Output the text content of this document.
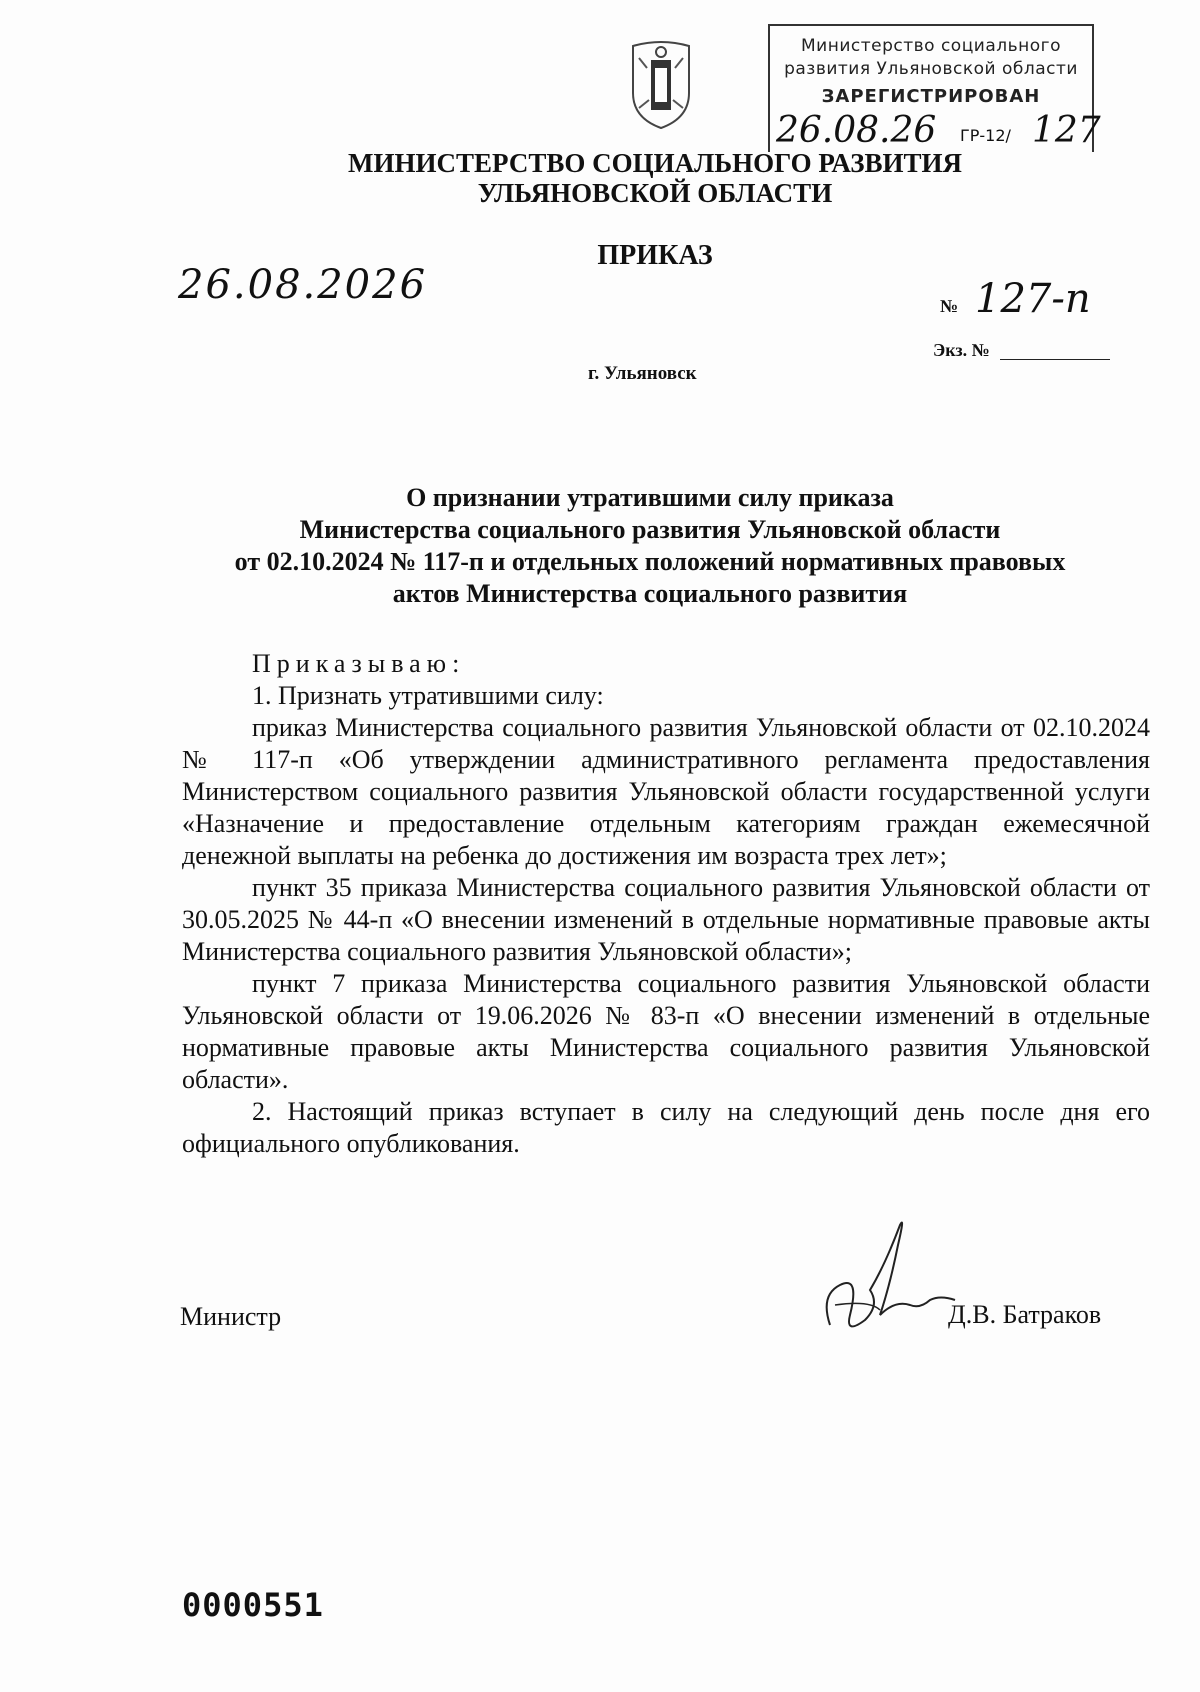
Министерство социального
развития Ульяновской области
ЗАРЕГИСТРИРОВАН
26.08.26 ГР-12/ 127
МИНИСТЕРСТВО СОЦИАЛЬНОГО РАЗВИТИЯ
УЛЬЯНОВСКОЙ ОБЛАСТИ
ПРИКАЗ
26.08.2026	№ 127-п
Экз. №
г. Ульяновск
О признании утратившими силу приказа
Министерства социального развития Ульяновской области
от 02.10.2024 № 117-п и отдельных положений нормативных правовых
актов Министерства социального развития

Приказываю:

1. Признать утратившими силу:

приказ Министерства социального развития Ульяновской области от 02.10.2024 № 117-п «Об утверждении административного регламента предоставления Министерством социального развития Ульяновской области государственной услуги «Назначение и предоставление отдельным категориям граждан ежемесячной денежной выплаты на ребенка до достижения им возраста трех лет»;

пункт 35 приказа Министерства социального развития Ульяновской области от 30.05.2025 № 44-п «О внесении изменений в отдельные нормативные правовые акты Министерства социального развития Ульяновской области»;

пункт 7 приказа Министерства социального развития Ульяновской области Ульяновской области от 19.06.2026 № 83-п «О внесении изменений в отдельные нормативные правовые акты Министерства социального развития Ульяновской области».

2. Настоящий приказ вступает в силу на следующий день после дня его официального опубликования.

Министр	Д.В. Батраков
0000551
